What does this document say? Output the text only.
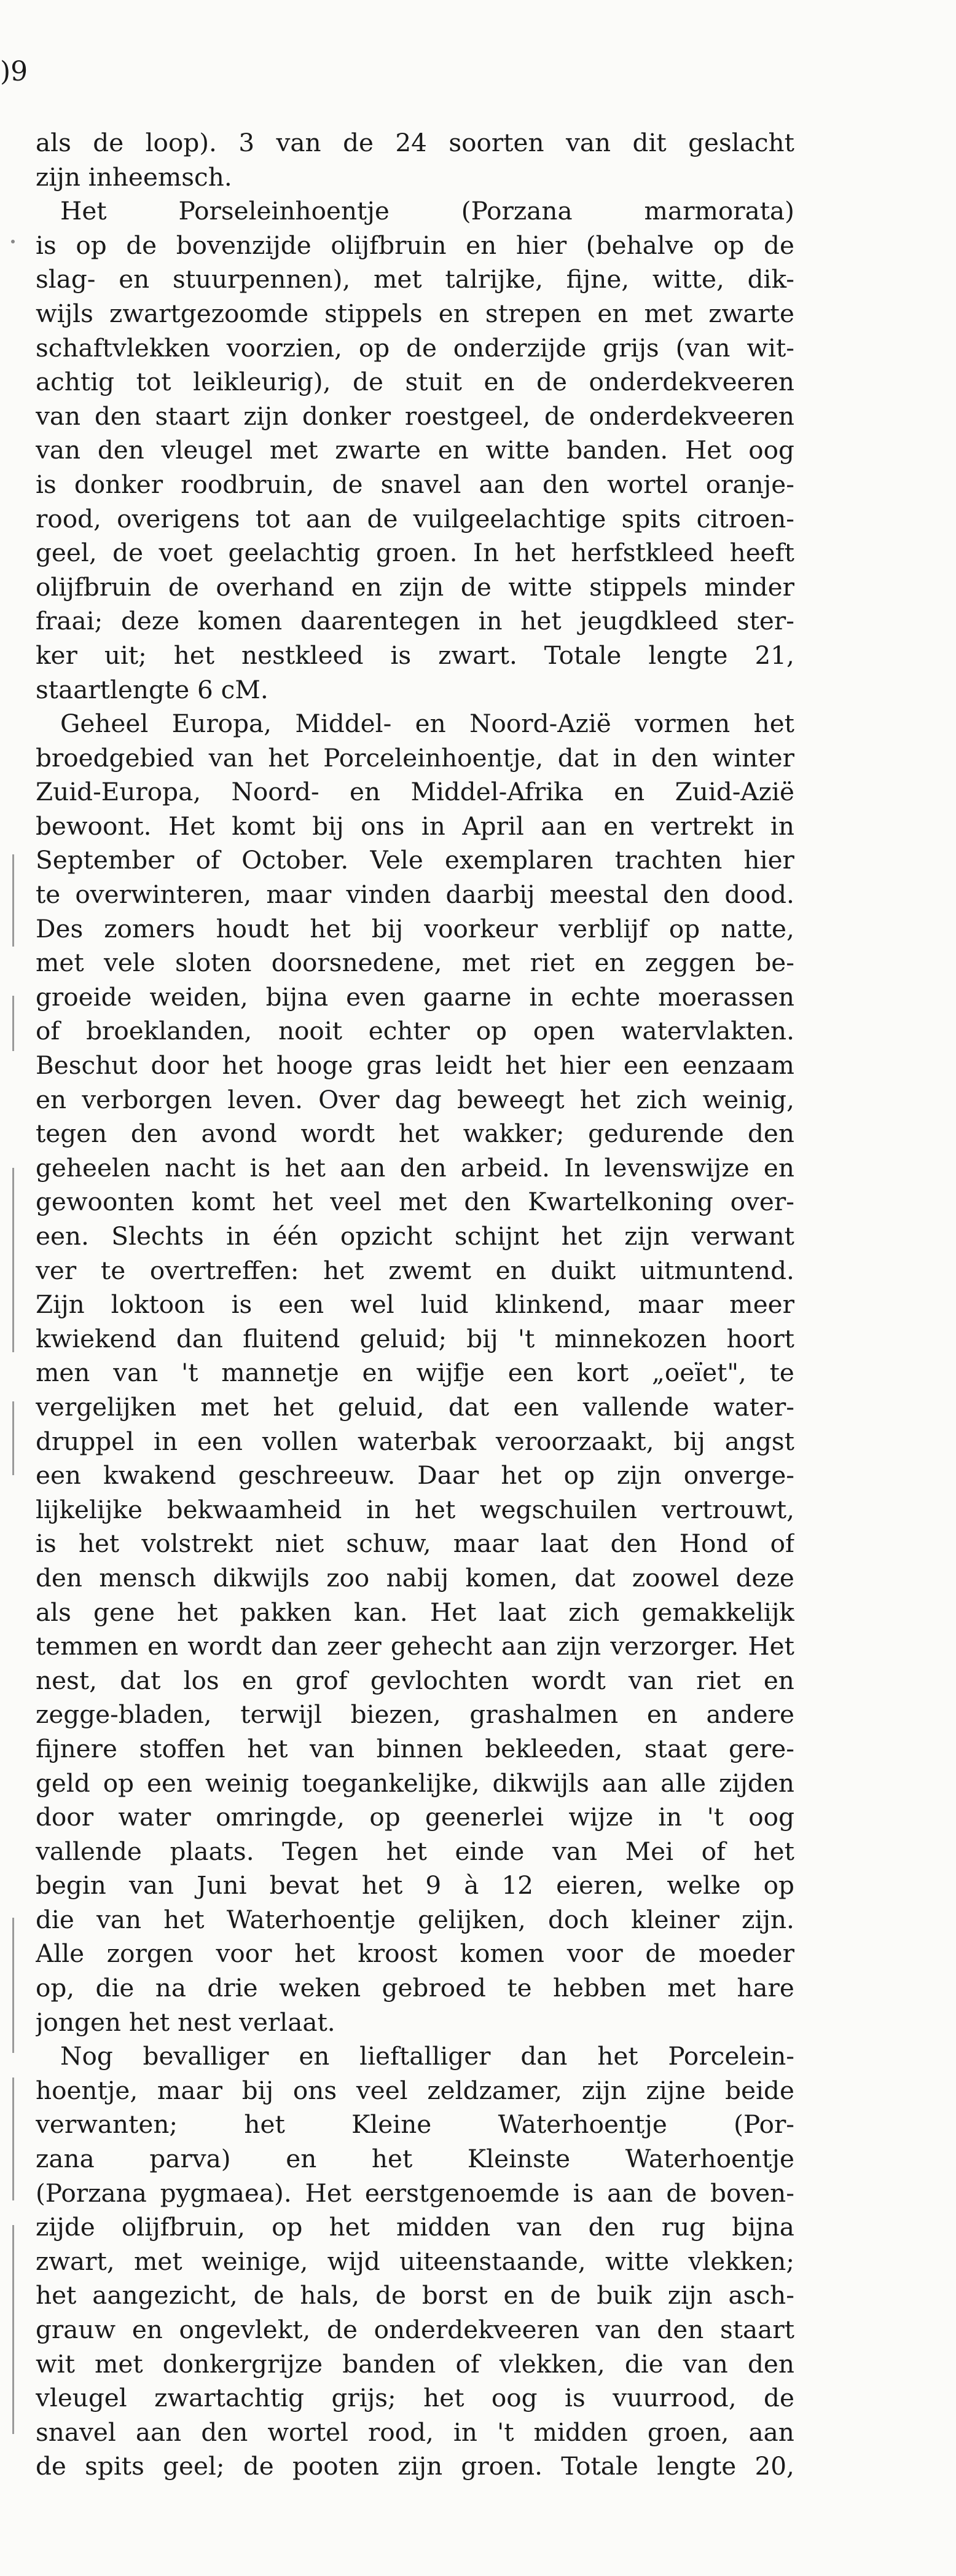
)9
als de loop). 3 van de 24 soorten van dit geslacht
zijn inheemsch.
Het	Porseleinhoentje	(Porzana	marmorata)
is op de bovenzijde olijfbruin en hier (behalve op de
slag- en stuurpennen), met talrijke, fijne, witte, dik-
wijls zwartgezoomde stippels en strepen en met zwarte
schaftvlekken voorzien, op de onderzijde grijs (van wit-
achtig tot leikleurig), de stuit en de onderdekveeren
van den staart zijn donker roestgeel, de onderdekveeren
van den vleugel met zwarte en witte banden. Het oog
is donker roodbruin, de snavel aan den wortel oranje-
rood, overigens tot aan de vuilgeelachtige spits citroen-
geel, de voet geelachtig groen. In het herfstkleed heeft
olijfbruin de overhand en zijn de witte stippels minder
fraai; deze komen daarentegen in het jeugdkleed ster-
ker uit; het nestkleed is zwart. Totale lengte 21,
staartlengte 6 cM.
Geheel Europa, Middel- en Noord-Azië vormen het
broedgebied van het Porceleinhoentje, dat in den winter
Zuid-Europa, Noord- en Middel-Afrika en Zuid-Azië
bewoont. Het komt bij ons in April aan en vertrekt in
September of October. Vele exemplaren trachten hier
te overwinteren, maar vinden daarbij meestal den dood.
Des zomers houdt het bij voorkeur verblijf op natte,
met vele sloten doorsnedene, met riet en zeggen be-
groeide weiden, bijna even gaarne in echte moerassen
of broeklanden, nooit echter op open watervlakten.
Beschut door het hooge gras leidt het hier een eenzaam
en verborgen leven. Over dag beweegt het zich weinig,
tegen den avond wordt het wakker; gedurende den
geheelen nacht is het aan den arbeid. In levenswijze en
gewoonten komt het veel met den Kwartelkoning over-
een. Slechts in één opzicht schijnt het zijn verwant
ver te overtreffen: het zwemt en duikt uitmuntend.
Zijn loktoon is een wel luid klinkend, maar meer
kwiekend dan fluitend geluid; bij 't minnekozen hoort
men van 't mannetje en wijfje een kort „oeïet", te
vergelijken met het geluid, dat een vallende water-
druppel in een vollen waterbak veroorzaakt, bij angst
een kwakend geschreeuw. Daar het op zijn onverge-
lijkelijke bekwaamheid in het wegschuilen vertrouwt,
is het volstrekt niet schuw, maar laat den Hond of
den mensch dikwijls zoo nabij komen, dat zoowel deze
als gene het pakken kan. Het laat zich gemakkelijk
temmen en wordt dan zeer gehecht aan zijn verzorger. Het
nest, dat los en grof gevlochten wordt van riet en
zegge-bladen, terwijl biezen, grashalmen en andere
fijnere stoffen het van binnen bekleeden, staat gere-
geld op een weinig toegankelijke, dikwijls aan alle zijden
door water omringde, op geenerlei wijze in 't oog
vallende plaats. Tegen het einde van Mei of het
begin van Juni bevat het 9 à 12 eieren, welke op
die van het Waterhoentje gelijken, doch kleiner zijn.
Alle zorgen voor het kroost komen voor de moeder
op, die na drie weken gebroed te hebben met hare
jongen het nest verlaat.
Nog bevalliger en lieftalliger dan het Porcelein-
hoentje, maar bij ons veel zeldzamer, zijn zijne beide
verwanten;	het	Kleine	Waterhoentje	(Por-
zana parva) en het Kleinste Waterhoentje
(Porzana pygmaea). Het eerstgenoemde is aan de boven-
zijde olijfbruin, op het midden van den rug bijna
zwart, met weinige, wijd uiteenstaande, witte vlekken;
het aangezicht, de hals, de borst en de buik zijn asch-
grauw en ongevlekt, de onderdekveeren van den staart
wit met donkergrijze banden of vlekken, die van den
vleugel zwartachtig grijs; het oog is vuurrood, de
snavel aan den wortel rood, in 't midden groen, aan
de spits geel; de pooten zijn groen. Totale lengte 20,
